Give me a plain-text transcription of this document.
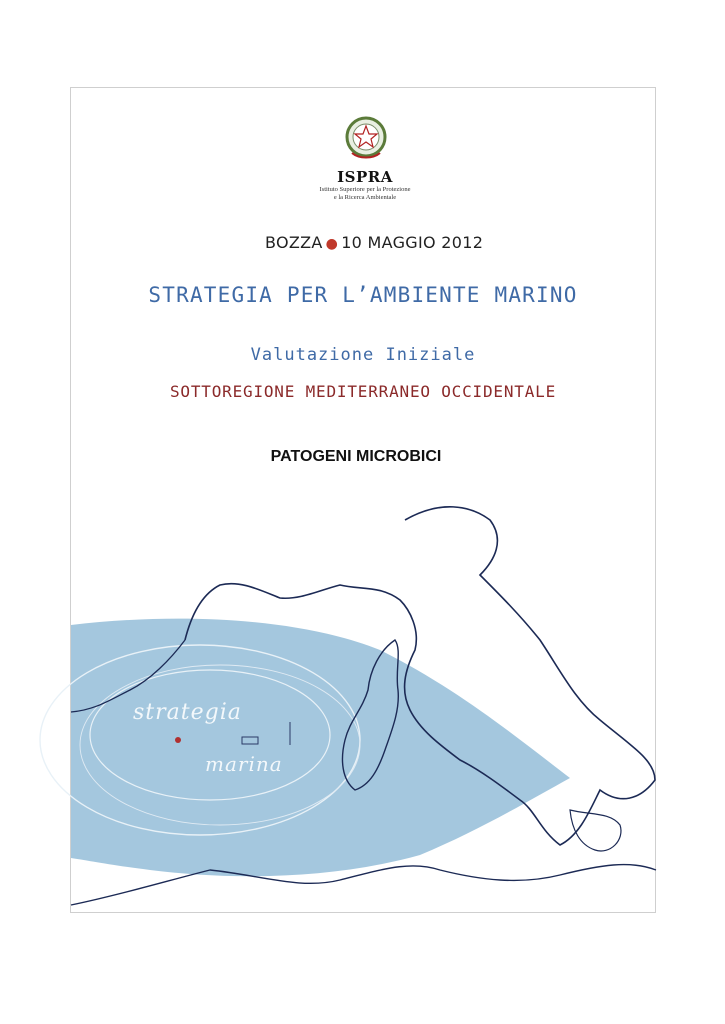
ISPRA
Istituto Superiore per la Protezione
e la Ricerca Ambientale
BOZZA ● 10 MAGGIO 2012
STRATEGIA PER L’AMBIENTE MARINO
Valutazione Iniziale
SOTTOREGIONE MEDITERRANEO OCCIDENTALE
PATOGENI MICROBICI
strategia
marina
